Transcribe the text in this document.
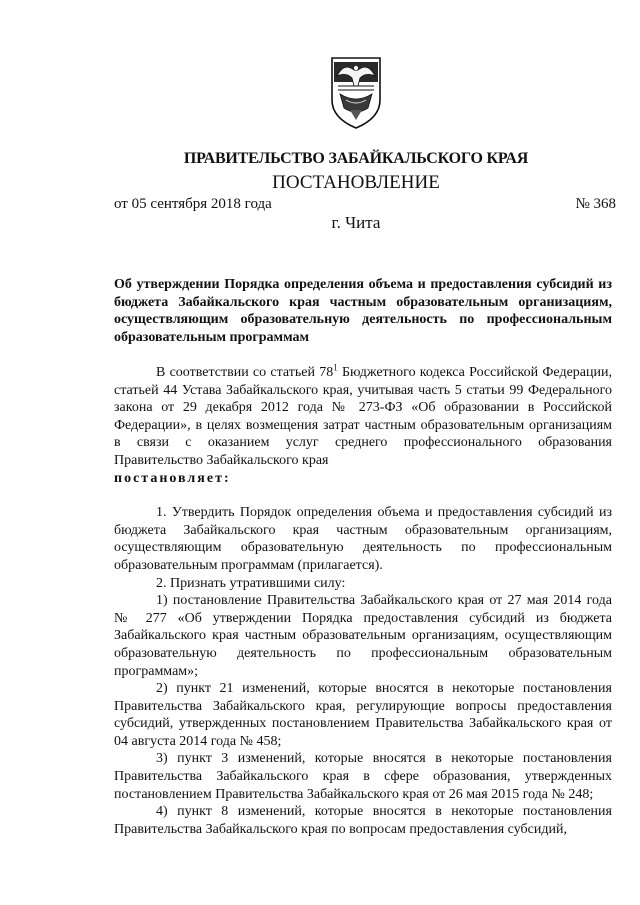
ПРАВИТЕЛЬСТВО ЗАБАЙКАЛЬСКОГО КРАЯ
ПОСТАНОВЛЕНИЕ
от 05 сентября 2018 года	№ 368
г. Чита
Об утверждении Порядка определения объема и предоставления субсидий из бюджета Забайкальского края частным образовательным организациям, осуществляющим образовательную деятельность по профессиональным образовательным программам

В соответствии со статьей $78^1$ Бюджетного кодекса Российской Федерации, статьей 44 Устава Забайкальского края, учитывая часть 5 статьи 99 Федерального закона от 29 декабря 2012 года № 273-ФЗ «Об образовании в Российской Федерации», в целях возмещения затрат частным образовательным организациям в связи с оказанием услуг среднего профессионального образования Правительство Забайкальского края

постановляет:

1. Утвердить Порядок определения объема и предоставления субсидий из бюджета Забайкальского края частным образовательным организациям, осуществляющим образовательную деятельность по профессиональным образовательным программам (прилагается).

2. Признать утратившими силу:

1) постановление Правительства Забайкальского края от 27 мая 2014 года № 277 «Об утверждении Порядка предоставления субсидий из бюджета Забайкальского края частным образовательным организациям, осуществляющим образовательную деятельность по профессиональным образовательным программам»;

2) пункт 21 изменений, которые вносятся в некоторые постановления Правительства Забайкальского края, регулирующие вопросы предоставления субсидий, утвержденных постановлением Правительства Забайкальского края от 04 августа 2014 года № 458;

3) пункт 3 изменений, которые вносятся в некоторые постановления Правительства Забайкальского края в сфере образования, утвержденных постановлением Правительства Забайкальского края от 26 мая 2015 года № 248;

4) пункт 8 изменений, которые вносятся в некоторые постановления Правительства Забайкальского края по вопросам предоставления субсидий,
